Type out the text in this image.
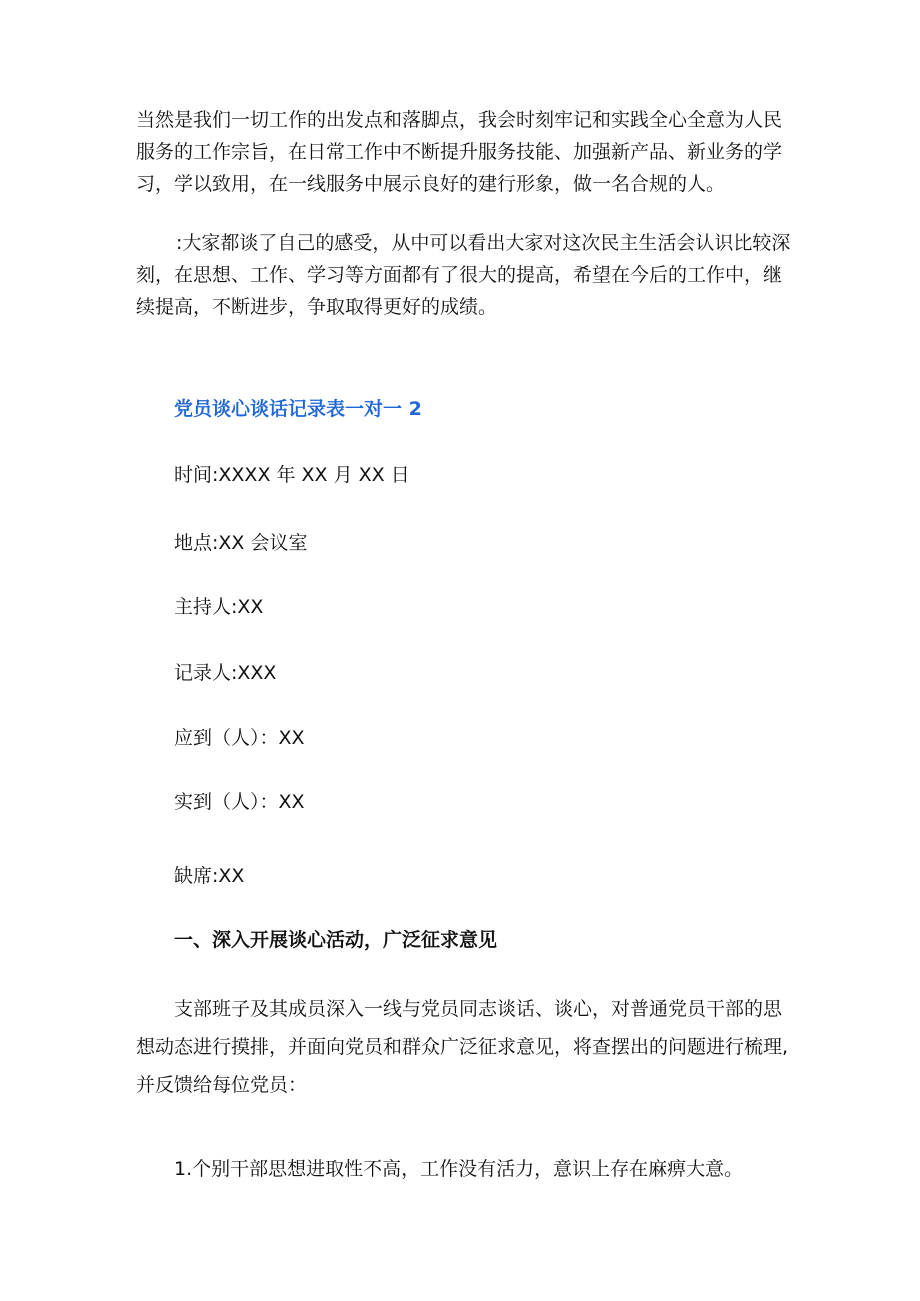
当然是我们一切工作的出发点和落脚点，我会时刻牢记和实践全心全意为人民服务的工作宗旨，在日常工作中不断提升服务技能、加强新产品、新业务的学习，学以致用，在一线服务中展示良好的建行形象，做一名合规的人。

:大家都谈了自己的感受，从中可以看出大家对这次民主生活会认识比较深刻，在思想、工作、学习等方面都有了很大的提高，希望在今后的工作中，继续提高，不断进步，争取取得更好的成绩。

党员谈心谈话记录表一对一 2

时间:XXXX 年 XX 月 XX 日

地点:XX 会议室

主持人:XX

记录人:XXX

应到（人）：XX

实到（人）：XX

缺席:XX

一、深入开展谈心活动，广泛征求意见

支部班子及其成员深入一线与党员同志谈话、谈心，对普通党员干部的思想动态进行摸排，并面向党员和群众广泛征求意见，将查摆出的问题进行梳理,并反馈给每位党员：

1.个别干部思想进取性不高，工作没有活力，意识上存在麻痹大意。
